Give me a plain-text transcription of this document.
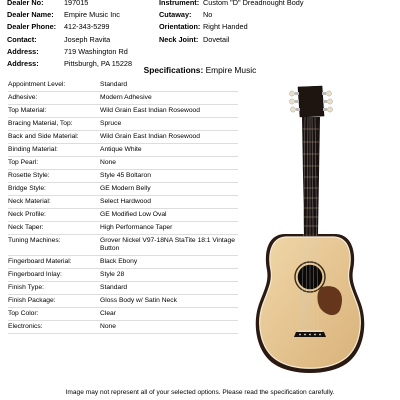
Dealer No:	197015
Dealer Name:	Empire Music Inc
Dealer Phone:	412-343-5299
Contact:	Joseph Ravita
Address:	719 Washington Rd
Address:	Pittsburgh, PA 15228
Instrument: Custom "D" Dreadnought Body
Cutaway:	No
Orientation: Right Handed
Neck Joint: Dovetail
Specifications: Empire Music
Appointment Level:	Standard
Adhesive:	Modern Adhesive
Top Material:	Wild Grain East Indian Rosewood
Bracing Material, Top:	Spruce
Back and Side Material:	Wild Grain East Indian Rosewood
Binding Material:	Antique White
Top Pearl:	None
Rosette Style:	Style 45 Boltaron
Bridge Style:	GE Modern Belly
Neck Material:	Select Hardwood
Neck Profile:	GE Modified Low Oval
Neck Taper:	High Performance Taper
Tuning Machines:	Grover Nickel V97-18NA StaTite 18:1 Vintage Button
Fingerboard Material:	Black Ebony
Fingerboard Inlay:	Style 28
Finish Type:	Standard
Finish Package:	Gloss Body w/ Satin Neck
Top Color:	Clear
Electronics:	None
Image may not represent all of your selected options. Please read the specification carefully.
